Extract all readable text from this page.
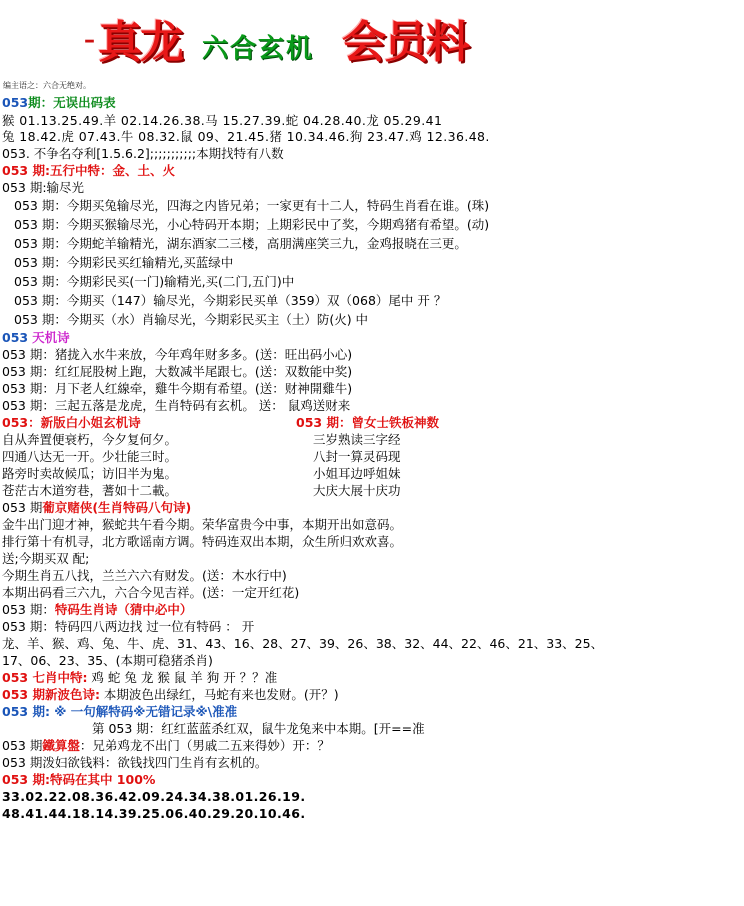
– 真龙 六合玄机 会员料
编主语之：六合无绝对。
053期：无误出码表
猴 01.13.25.49.羊 02.14.26.38.马 15.27.39.蛇 04.28.40.龙 05.29.41
兔 18.42.虎 07.43.牛 08.32.鼠 09、21.45.猪 10.34.46.狗 23.47.鸡 12.36.48.
053. 不争名夺利[1.5.6.2];;;;;;;;;;;本期找特有八数
053 期:五行中特：金、土、火
053 期:输尽光
053 期：今期买兔输尽光，四海之内皆兄弟；一家更有十二人，特码生肖看在谁。(珠)
053 期：今期买猴输尽光，小心特码开本期；上期彩民中了奖，今期鸡猪有希望。(动)
053 期：今期蛇羊输精光，湖东酒家二三楼，高朋满座笑三九，金鸡报晓在三更。
053 期：今期彩民买红输精光,买蓝绿中
053 期：今期彩民买(一门)输精光,买(二门,五门)中
053 期：今期买（147）输尽光，今期彩民买单（359）双（068）尾中 开 ？
053 期：今期买（水）肖输尽光，今期彩民买主（土）防(火) 中
053 天机诗
053 期：猪拢入水牛来放，今年鸡年财多多。(送：旺出码小心)
053 期：红红屁股树上跑，大数减半尾跟七。(送：双数能中奖)
053 期：月下老人红線牵，雞牛今期有希望。(送：财神開雞牛)
053 期：三起五落是龙虎，生肖特码有玄机。 送： 鼠鸡送财来
053：新版白小姐玄机诗	053 期：曾女士铁板神数
自从奔置便衰朽，今夕复何夕。
四通八达无一开。少壮能三时。
路旁时卖故候瓜；访旧半为鬼。
苍茫古木道穷巷，蓍如十二載。
三岁熟读三字经
八封一算灵码现
小姐耳边呼姐妹
大庆大展十庆功
053 期葡京赌侠(生肖特码八句诗)
金牛出门迎才神，猴蛇共午看今期。荣华富贵今中事，本期开出如意码。
排行第十有机寻，北方歌谣南方调。特码连双出本期，众生所归欢欢喜。
送;今期买双 配;
今期生肖五八找，兰兰六六有财发。(送：木水行中)
本期出码看三六九，六合今见吉祥。(送：一定开红花)
053 期：特码生肖诗（猜中必中）
053 期：特码四八两边找 过一位有特码 ： 开
龙、羊、猴、鸡、兔、牛、虎、31、43、16、28、27、39、26、38、32、44、22、46、21、33、25、
17、06、23、35、(本期可稳猪杀肖)
053 七肖中特: 鸡 蛇 兔 龙 猴 鼠 羊 狗 开 ？？准
053 期新波色诗: 本期波色出绿红，马蛇有来也发财。(开？)
053 期: ※ 一句解特码※无错记录※\准准
第 053 期：红红蓝蓝杀红双，鼠牛龙兔来中本期。[开==准
053 期鐵算盤：兄弟鸡龙不出门（男戚二五来得妙）开：？
053 期泼妇欲钱料：欲钱找四门生肖有玄机的。
053 期:特码在其中 100%
33.02.22.08.36.42.09.24.34.38.01.26.19.
48.41.44.18.14.39.25.06.40.29.20.10.46.
